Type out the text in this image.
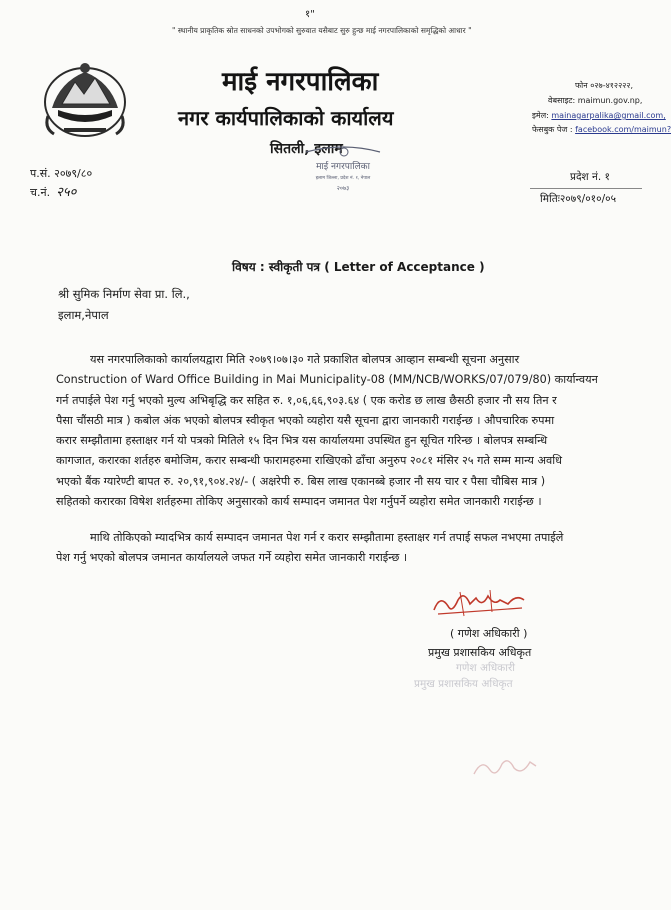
१"
" स्थानीय प्राकृतिक स्रोत साधनको उपभोगको सुरुवात यसैबाट सुरु हुन्छ माई नगरपालिकाको समृद्धिको आधार "
माई नगरपालिका
नगर कार्यपालिकाको कार्यालय
सितली, इलाम
फोन ०२७-४१२२२२,
वेबसाइट: maimun.gov.np,
इमेल: mainagarpalika@gmail.com,
फेसबुक पेज : facebook.com/maimun?
प.सं. २०७९/८०
च.नं. २५०
प्रदेश नं. १
मितिः२०७९/०१०/०५
माई नगरपालिका
इलाम जिल्ला, प्रदेश नं. १, नेपाल
२०७३
विषय : स्वीकृती पत्र ( Letter of Acceptance )
श्री सुमिक निर्माण सेवा प्रा. लि.,
इलाम,नेपाल
यस नगरपालिकाको कार्यालयद्वारा मिति २०७९।०७।३० गते प्रकाशित बोलपत्र आव्हान सम्बन्धी सूचना अनुसार
Construction of Ward Office Building in Mai Municipality-08 (MM/NCB/WORKS/07/079/80) कार्यान्वयन
गर्न तपाईले पेश गर्नु भएको मुल्य अभिबृद्धि कर सहित रु. १,०६,६६,९०३.६४ ( एक करोड छ लाख छैसठी हजार नौ सय तिन र
पैसा चौंसठी मात्र ) कबोल अंक भएको बोलपत्र स्वीकृत भएको व्यहोरा यसै सूचना द्वारा जानकारी गराईन्छ । औपचारिक रुपमा
करार सम्झौतामा हस्ताक्षर गर्न यो पत्रको मितिले १५ दिन भित्र यस कार्यालयमा उपस्थित हुन सूचित गरिन्छ । बोलपत्र सम्बन्धि
कागजात, करारका शर्तहरु बमोजिम, करार सम्बन्धी फारामहरुमा राखिएको ढाँचा अनुरुप २०८१ मंसिर २५ गते सम्म मान्य अवधि
भएको बैंक ग्यारेण्टी बापत रु. २०,९१,९०४.२४/- ( अक्षरेपी रु. बिस लाख एकानब्बे हजार नौ सय चार र पैसा चौबिस मात्र )
सहितको करारका विषेश शर्तहरुमा तोकिए अनुसारको कार्य सम्पादन जमानत पेश गर्नुपर्ने व्यहोरा समेत जानकारी गराईन्छ ।
माथि तोकिएको म्यादभित्र कार्य सम्पादन जमानत पेश गर्न र करार सम्झौतामा हस्ताक्षर गर्न तपाई सफल नभएमा तपाईले
पेश गर्नु भएको बोलपत्र जमानत कार्यालयले जफत गर्ने व्यहोरा समेत जानकारी गराईन्छ ।
( गणेश अधिकारी )
प्रमुख प्रशासकिय अधिकृत
गणेश अधिकारी
प्रमुख प्रशासकिय अधिकृत
